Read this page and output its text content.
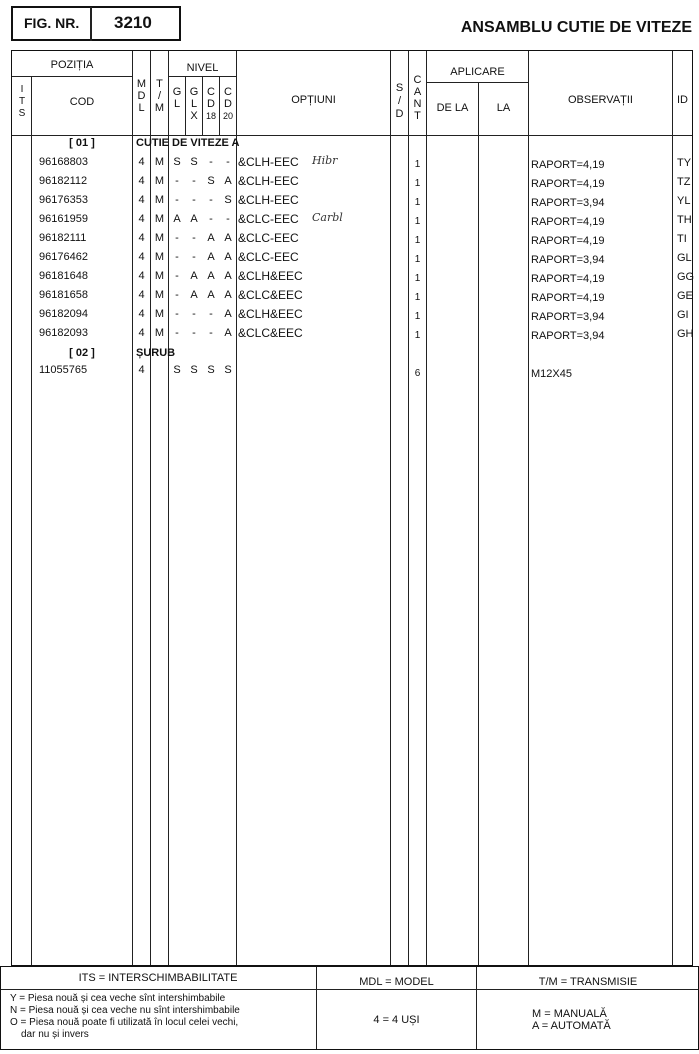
FIG. NR. 3210	ANSAMBLU CUTIE DE VITEZE
POZIȚIA
I
T
S
COD
M
D
L
T
/
M
NIVEL
G
L
G
L
X
C
D
18
C
D
20
OPȚIUNI
S
/
D
C
A
N
T
APLICARE
DE LA	LA
OBSERVAȚII	ID
[ 01 ]	CUTIE DE VITEZE A
96168803	4 M S S	-	- &CLH-EEC Hibr	1	RAPORT=4,19	TY
96182112	4 M	-	-	S A &CLH-EEC	1	RAPORT=4,19	TZ
96176353	4 M	-	-	-	S &CLH-EEC	1	RAPORT=3,94	YL
96161959	4 M A A	-	- &CLC-EEC Carbl	1	RAPORT=4,19	TH
96182111	4 M	-	-	A A &CLC-EEC	1	RAPORT=4,19	TI
96176462	4 M	-	-	A A &CLC-EEC	1	RAPORT=3,94	GL
96181648	4 M	-	A A A &CLH&EEC	1	RAPORT=4,19	GG
96181658	4 M	-	A A A &CLC&EEC	1	RAPORT=4,19	GE
96182094	4 M	-	-	-	A &CLH&EEC	1	RAPORT=3,94	GI
96182093	4 M	-	-	-	A &CLC&EEC	1	RAPORT=3,94	GH
[ 02 ]	ȘURUB
11055765	4	S S S S	6	M12X45
ITS = INTERSCHIMBABILITATE
Y = Piesa nouă și cea veche sînt intershimbabile
N = Piesa nouă și cea veche nu sînt intershimbabile
O = Piesa nouă poate fi utilizată în locul celei vechi,
dar nu și invers
MDL = MODEL
4 = 4 UȘI
T/M = TRANSMISIE
M = MANUALĂ
A = AUTOMATĂ
